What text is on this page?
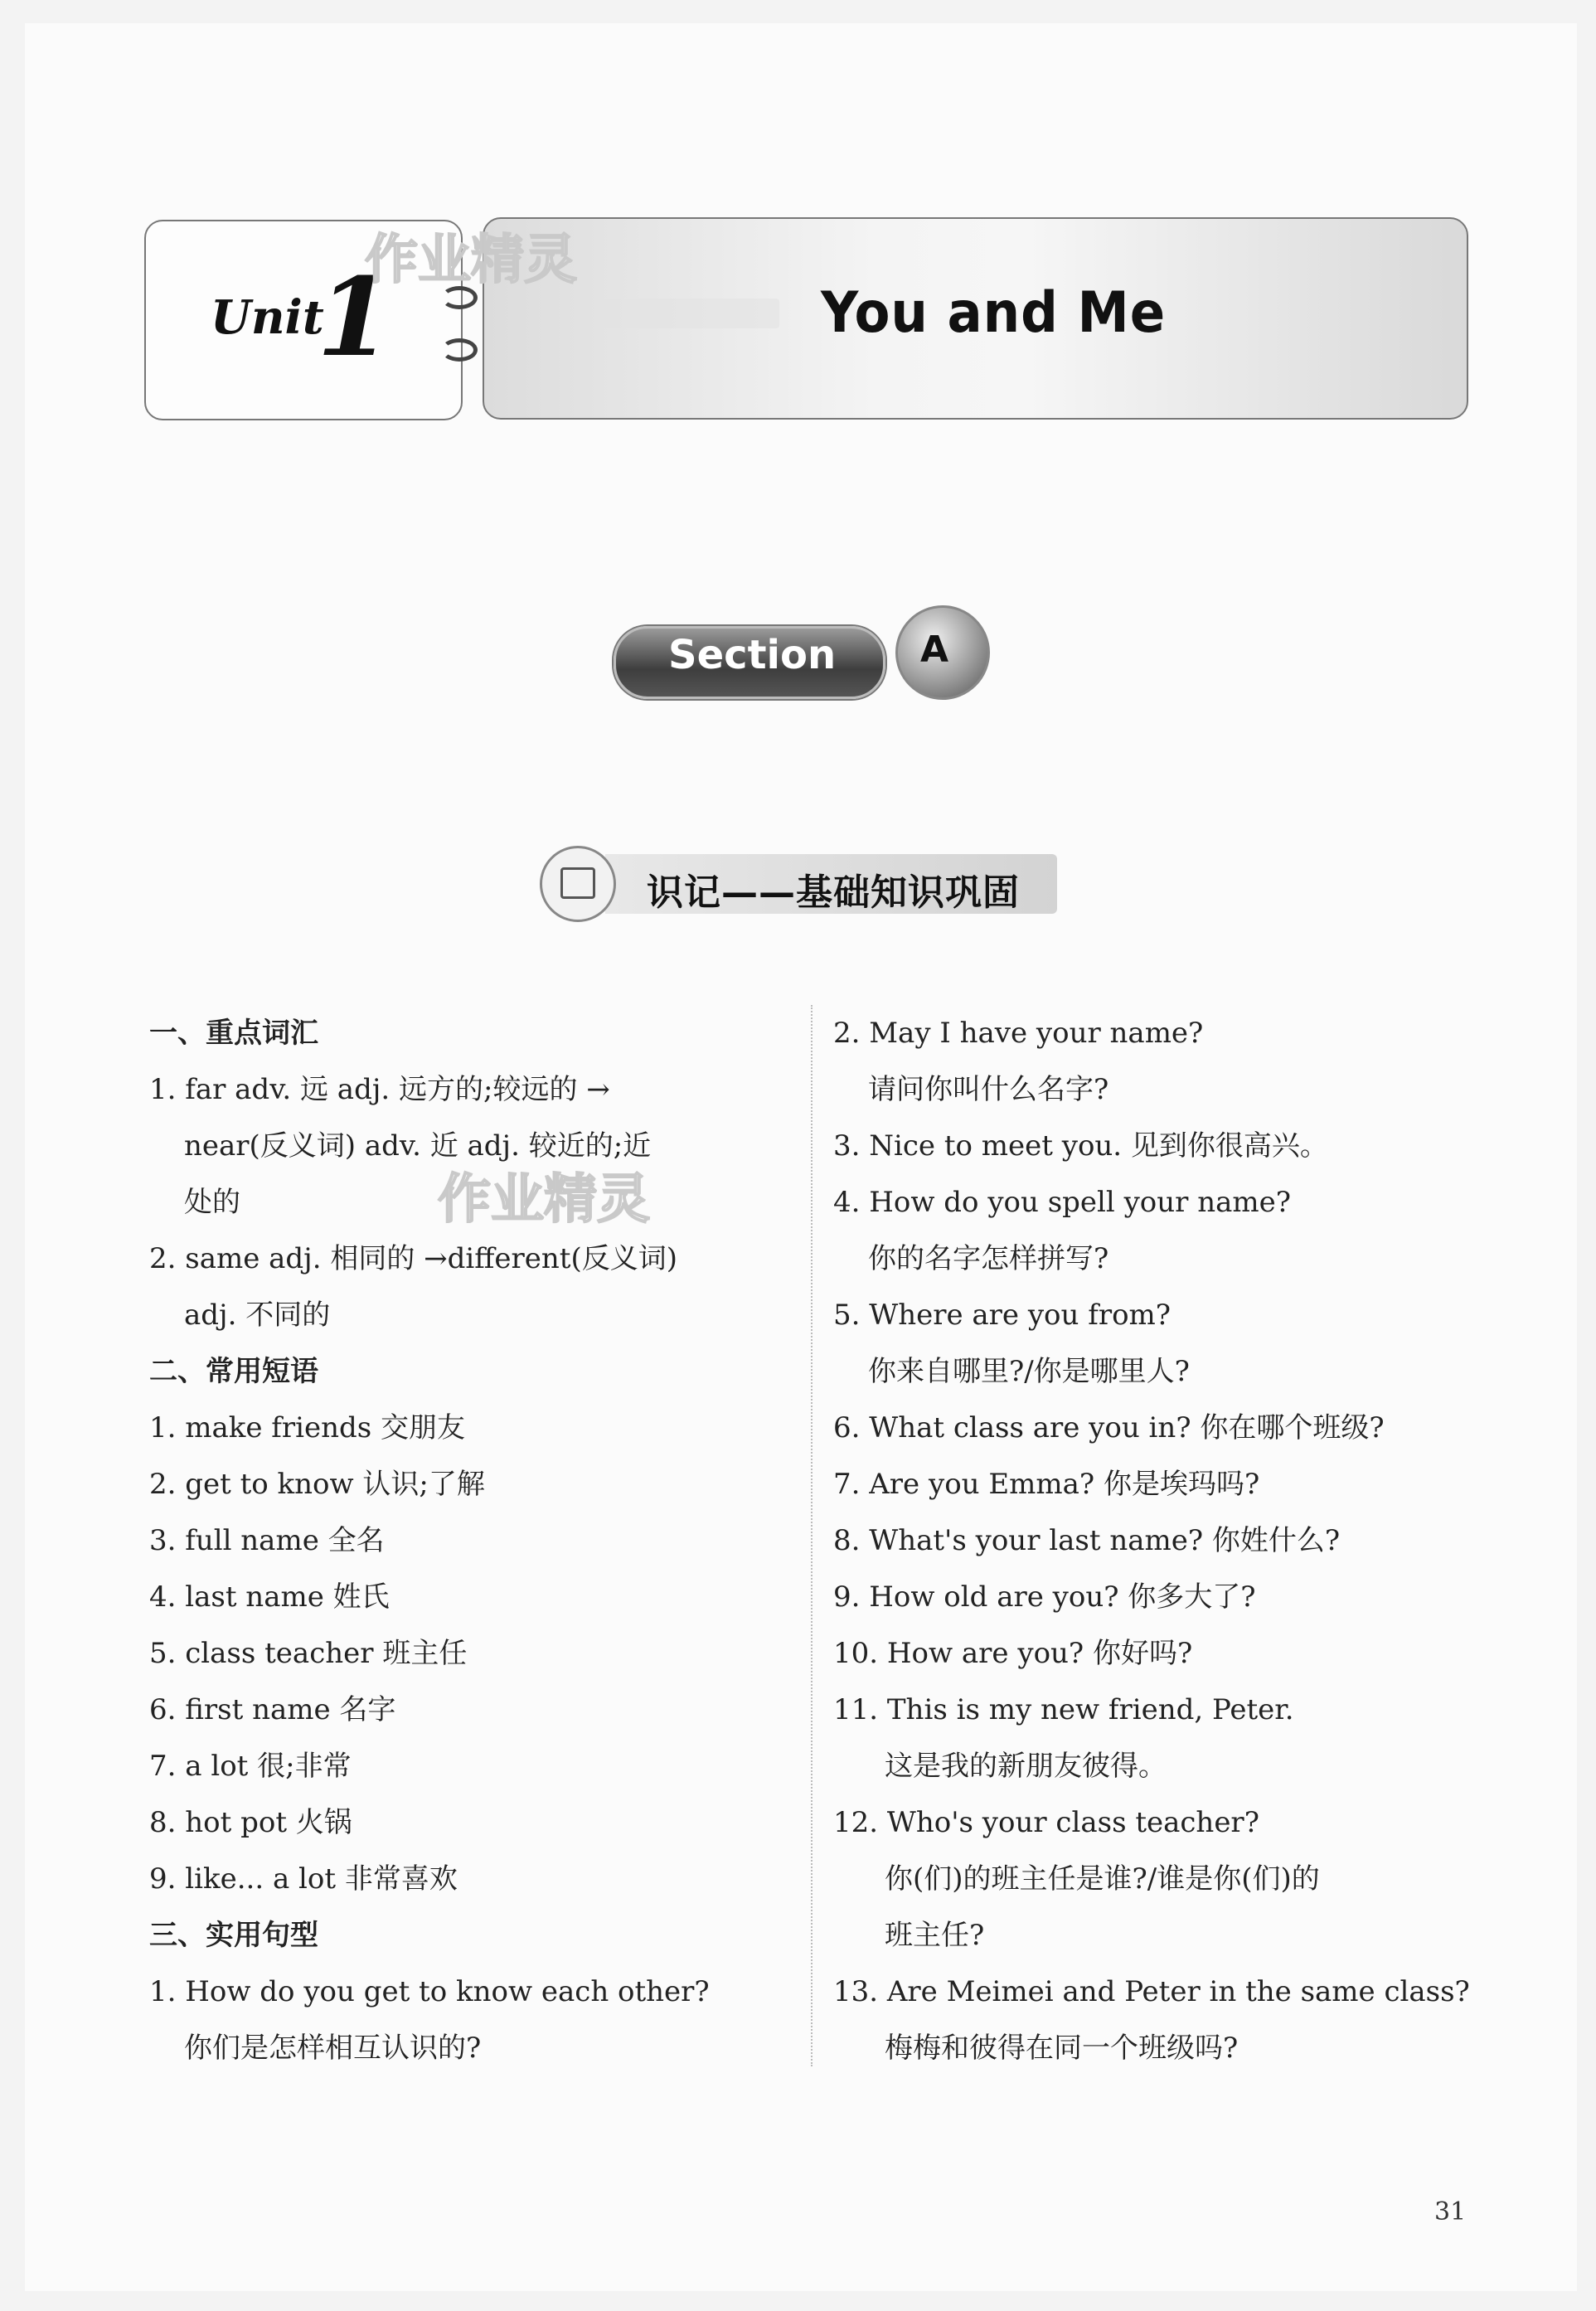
Unit
1	You and Me
作业精灵
作业精灵
Section A
识记——基础知识巩固
一、重点词汇
1. far adv. 远 adj. 远方的;较远的 →
near(反义词) adv. 近 adj. 较近的;近
处的
2. same adj. 相同的 →different(反义词)
adj. 不同的
二、常用短语
1. make friends 交朋友
2. get to know 认识;了解
3. full name 全名
4. last name 姓氏
5. class teacher 班主任
6. first name 名字
7. a lot 很;非常
8. hot pot 火锅
9. like... a lot 非常喜欢
三、实用句型
1. How do you get to know each other?
你们是怎样相互认识的?
2. May I have your name?
请问你叫什么名字?
3. Nice to meet you. 见到你很高兴。
4. How do you spell your name?
你的名字怎样拼写?
5. Where are you from?
你来自哪里?/你是哪里人?
6. What class are you in? 你在哪个班级?
7. Are you Emma? 你是埃玛吗?
8. What's your last name? 你姓什么?
9. How old are you? 你多大了?
10. How are you? 你好吗?
11. This is my new friend, Peter.
这是我的新朋友彼得。
12. Who's your class teacher?
你(们)的班主任是谁?/谁是你(们)的
班主任?
13. Are Meimei and Peter in the same class?
梅梅和彼得在同一个班级吗?
31
